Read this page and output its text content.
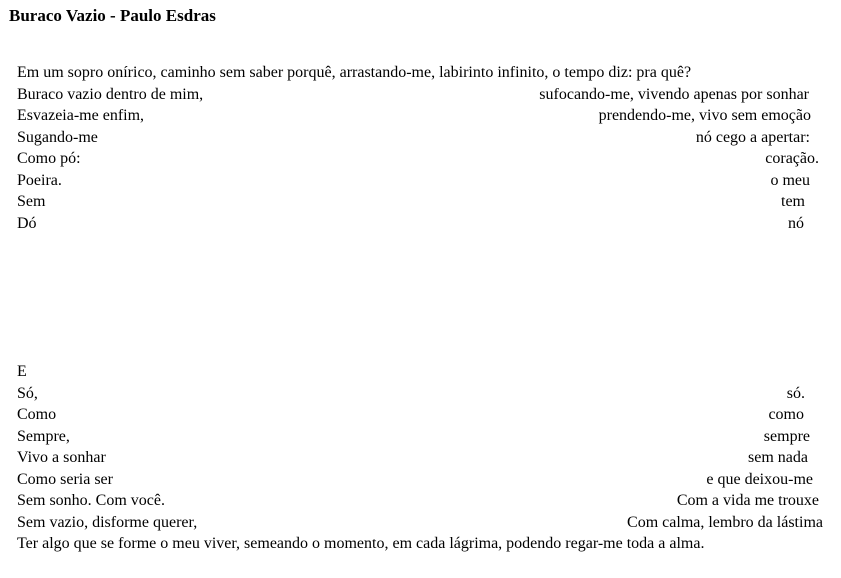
Buraco Vazio - Paulo Esdras
Em um sopro onírico, caminho sem saber porquê, arrastando-me, labirinto infinito, o tempo diz: pra quê?
Buraco vazio dentro de mim,	sufocando-me, vivendo apenas por sonhar
Esvazeia-me enfim,	prendendo-me, vivo sem emoção
Sugando-me	nó cego a apertar:
Como pó:	coração.
Poeira.	o meu
Sem	tem
Dó	nó
E
Só,	só.
Como	como
Sempre,	sempre
Vivo a sonhar	sem nada
Como seria ser	e que deixou-me
Sem sonho. Com você.	Com a vida me trouxe
Sem vazio, disforme querer,	Com calma, lembro da lástima
Ter algo que se forme o meu viver, semeando o momento, em cada lágrima, podendo regar-me toda a alma.
